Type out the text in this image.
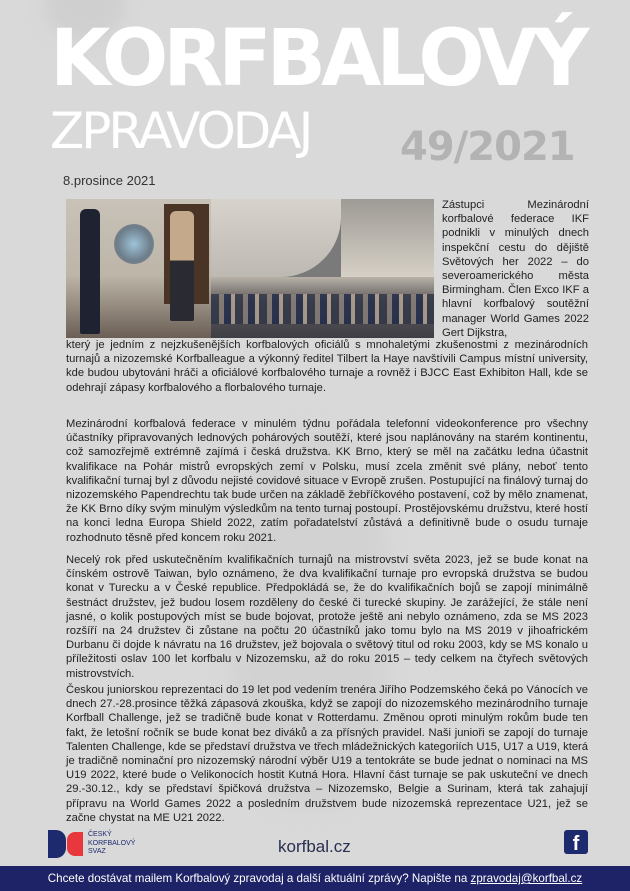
KORFBALOVÝ
ZPRAVODAJ 49/2021
8.prosince 2021
Zástupci Mezinárodní korfbalové federace IKF podnikli v minulých dnech inspekční cestu do dějiště Světových her 2022 – do severoamerického města Birmingham. Člen Exco IKF a hlavní korfbalový soutěžní manager World Games 2022 Gert Dijkstra,
který je jedním z nejzkušenějších korfbalových oficiálů s mnohaletými zkušenostmi z mezinárodních turnajů a nizozemské Korfballeague a výkonný ředitel Tilbert la Haye navštívili Campus místní university, kde budou ubytováni hráči a oficiálové korfbalového turnaje a rovněž i BJCC East Exhibiton Hall, kde se odehrají zápasy korfbalového a florbalového turnaje.
Mezinárodní korfbalová federace v minulém týdnu pořádala telefonní videokonference pro všechny účastníky připravovaných lednových pohárových soutěží, které jsou naplánovány na starém kontinentu, což samozřejmě extrémně zajímá i česká družstva. KK Brno, který se měl na začátku ledna účastnit kvalifikace na Pohár mistrů evropských zemí v Polsku, musí zcela změnit své plány, neboť tento kvalifikační turnaj byl z důvodu nejisté covidové situace v Evropě zrušen. Postupující na finálový turnaj do nizozemského Papendrechtu tak bude určen na základě žebříčkového postavení, což by mělo znamenat, že KK Brno díky svým minulým výsledkům na tento turnaj postoupí. Prostějovskému družstvu, které hostí na konci ledna Europa Shield 2022, zatím pořadatelství zůstává a definitivně bude o osudu turnaje rozhodnuto těsně před koncem roku 2021.
Necelý rok před uskutečněním kvalifikačních turnajů na mistrovství světa 2023, jež se bude konat na čínském ostrově Taiwan, bylo oznámeno, že dva kvalifikační turnaje pro evropská družstva se budou konat v Turecku a v České republice. Předpokládá se, že do kvalifikačních bojů se zapojí minimálně šestnáct družstev, jež budou losem rozděleny do české či turecké skupiny. Je zarážející, že stále není jasné, o kolik postupových míst se bude bojovat, protože ještě ani nebylo oznámeno, zda se MS 2023 rozšíří na 24 družstev či zůstane na počtu 20 účastníků jako tomu bylo na MS 2019 v jihoafrickém Durbanu či dojde k návratu na 16 družstev, jež bojovala o světový titul od roku 2003, kdy se MS konalo u příležitosti oslav 100 let korfbalu v Nizozemsku, až do roku 2015 – tedy celkem na čtyřech světových mistrovstvích.
Českou juniorskou reprezentaci do 19 let pod vedením trenéra Jiřího Podzemského čeká po Vánocích ve dnech 27.-28.prosince těžká zápasová zkouška, když se zapojí do nizozemského mezinárodního turnaje Korfball Challenge, jež se tradičně bude konat v Rotterdamu. Změnou oproti minulým rokům bude ten fakt, že letošní ročník se bude konat bez diváků a za přísných pravidel. Naši junioři se zapojí do turnaje Talenten Challenge, kde se představí družstva ve třech mládežnických kategoriích U15, U17 a U19, která je tradičně nominační pro nizozemský národní výběr U19 a tentokráte se bude jednat o nominaci na MS U19 2022, které bude o Velikonocích hostit Kutná Hora. Hlavní část turnaje se pak uskuteční ve dnech 29.-30.12., kdy se představí špičková družstva – Nizozemsko, Belgie a Surinam, která tak zahajují přípravu na World Games 2022 a posledním družstvem bude nizozemská reprezentace U21, jež se začne chystat na ME U21 2022.
ČESKÝ
KORFBALOVÝ
SVAZ	korfbal.cz	f
Chcete dostávat mailem Korfbalový zpravodaj a další aktuální zprávy? Napište na zpravodaj@korfbal.cz
